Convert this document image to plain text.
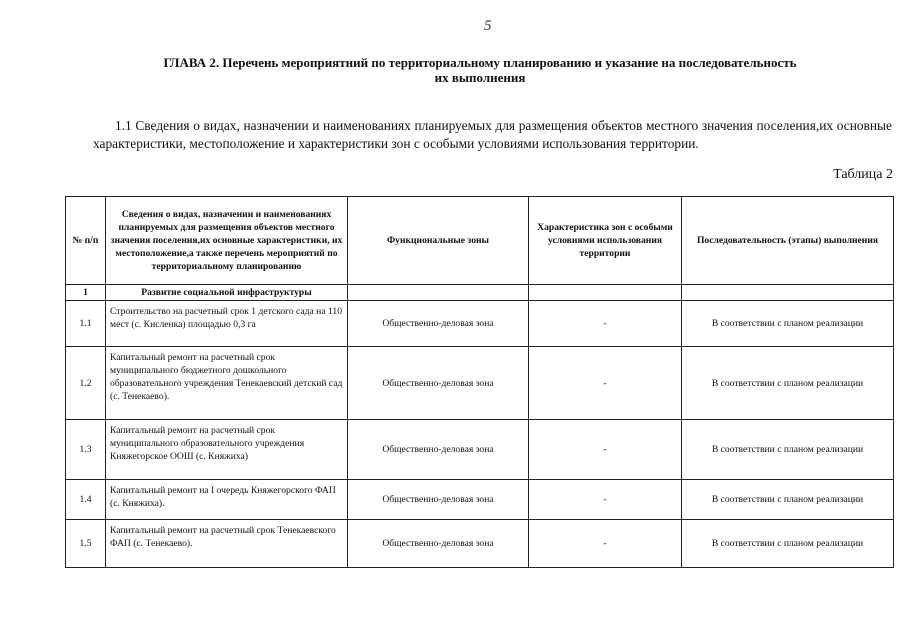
5
ГЛАВА 2. Перечень мероприятний по территориальному планированию и указание на последовательность
их выполнения
1.1 Сведения о видах, назначении и наименованиях планируемых для размещения объектов местного значения поселения,их основные характеристики, местоположение и характеристики зон с особыми условиями использования территории.
Таблица 2
№ п/п	Сведения о видах, назначении и наименованиях планируемых для размещения объектов местного значения поселения,их основные характеристики, их местоположение,а также перечень мероприятий по территориальному планированию	Функциональные зоны	Характеристика зон с особыми условиями использования территории	Последовательность (этапы) выполнения
1	Развитие социальной инфраструктуры			
1.1	Строительство на расчетный срок 1 детского сада на 110 мест (с. Кисленка) площадью 0,3 га	Общественно-деловая зона	-	В соответствии с планом реализации
1.2	Капитальный ремонт на расчетный срок муниципального бюджетного дошкольного образовательного учреждения Тенекаевский детский сад (с. Тенекаево).	Общественно-деловая зона	-	В соответствии с планом реализации
1.3	Капитальный ремонт на расчетный срок муниципального образовательного учреждения Княжегорское ООШ (с. Княжиха)	Общественно-деловая зона	-	В соответствии с планом реализации
1.4	Капитальный ремонт на I очередь Княжегорского ФАП (с. Княжиха).	Общественно-деловая зона	-	В соответствии с планом реализации
1.5	Капитальный ремонт на расчетный срок Тенекаевского ФАП (с. Тенекаево).	Общественно-деловая зона	-	В соответствии с планом реализации
